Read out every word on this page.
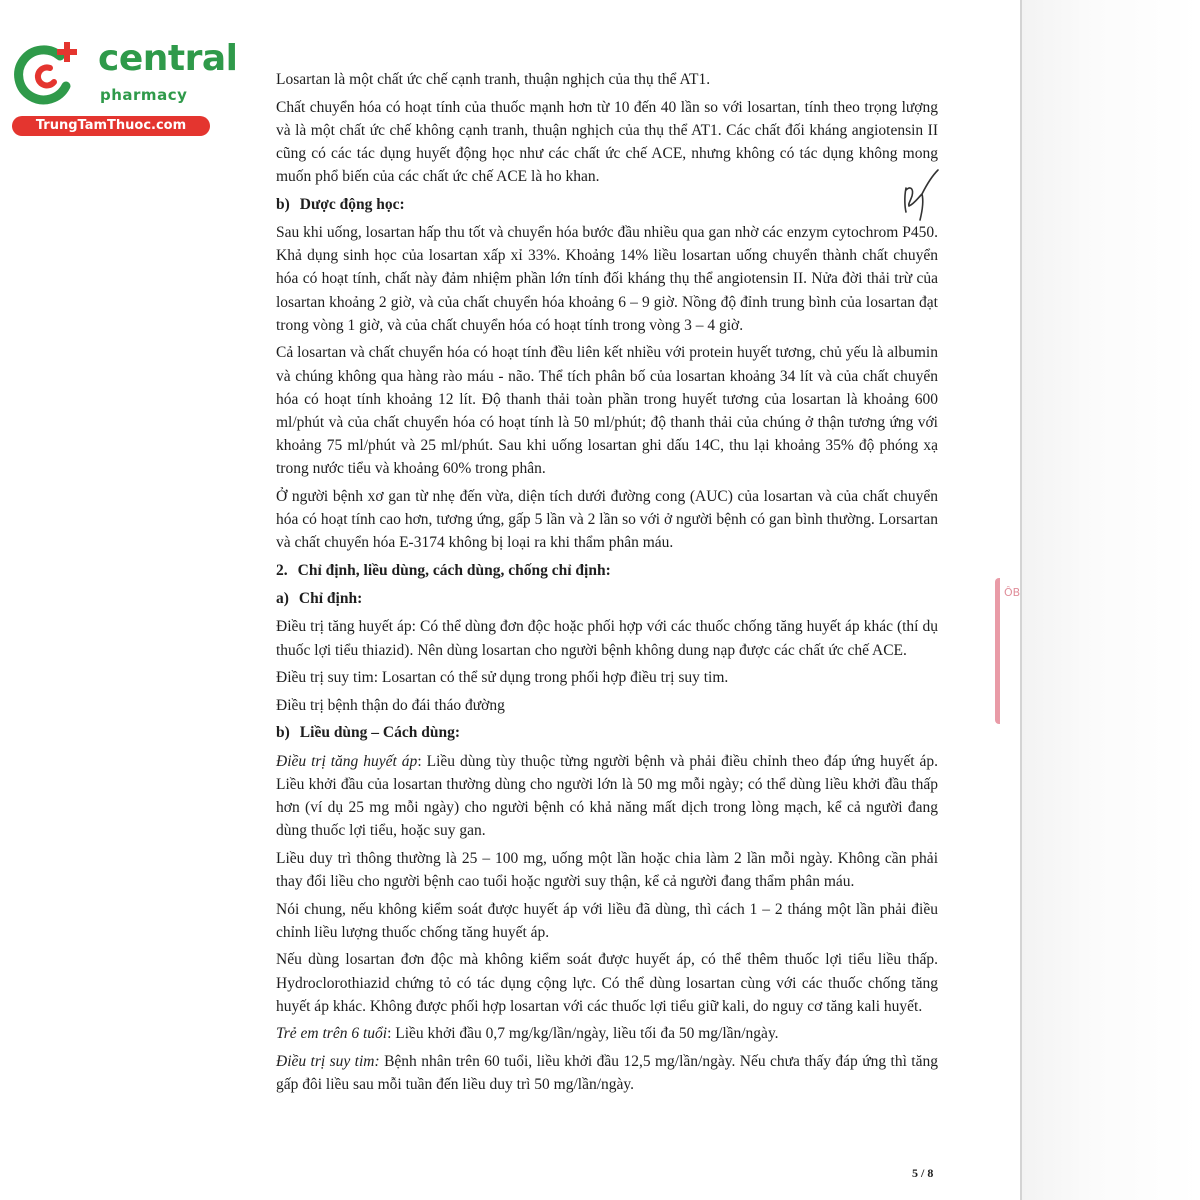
ÔB
central
pharmacy
TrungTamThuoc.com

Losartan là một chất ức chế cạnh tranh, thuận nghịch của thụ thể AT1.

Chất chuyển hóa có hoạt tính của thuốc mạnh hơn từ 10 đến 40 lần so với losartan, tính theo trọng lượng và là một chất ức chế không cạnh tranh, thuận nghịch của thụ thể AT1. Các chất đối kháng angiotensin II cũng có các tác dụng huyết động học như các chất ức chế ACE, nhưng không có tác dụng không mong muốn phổ biến của các chất ức chế ACE là ho khan.

b) Dược động học:

Sau khi uống, losartan hấp thu tốt và chuyển hóa bước đầu nhiều qua gan nhờ các enzym cytochrom P450. Khả dụng sinh học của losartan xấp xỉ 33%. Khoảng 14% liều losartan uống chuyển thành chất chuyển hóa có hoạt tính, chất này đảm nhiệm phần lớn tính đối kháng thụ thể angiotensin II. Nửa đời thải trừ của losartan khoảng 2 giờ, và của chất chuyển hóa khoảng 6 – 9 giờ. Nồng độ đỉnh trung bình của losartan đạt trong vòng 1 giờ, và của chất chuyển hóa có hoạt tính trong vòng 3 – 4 giờ.

Cả losartan và chất chuyển hóa có hoạt tính đều liên kết nhiều với protein huyết tương, chủ yếu là albumin và chúng không qua hàng rào máu - não. Thể tích phân bố của losartan khoảng 34 lít và của chất chuyển hóa có hoạt tính khoảng 12 lít. Độ thanh thải toàn phần trong huyết tương của losartan là khoảng 600 ml/phút và của chất chuyển hóa có hoạt tính là 50 ml/phút; độ thanh thải của chúng ở thận tương ứng với khoảng 75 ml/phút và 25 ml/phút. Sau khi uống losartan ghi dấu 14C, thu lại khoảng 35% độ phóng xạ trong nước tiểu và khoảng 60% trong phân.

Ở người bệnh xơ gan từ nhẹ đến vừa, diện tích dưới đường cong (AUC) của losartan và của chất chuyển hóa có hoạt tính cao hơn, tương ứng, gấp 5 lần và 2 lần so với ở người bệnh có gan bình thường. Lorsartan và chất chuyển hóa E-3174 không bị loại ra khi thẩm phân máu.

2. Chỉ định, liều dùng, cách dùng, chống chỉ định:
a) Chỉ định:

Điều trị tăng huyết áp: Có thể dùng đơn độc hoặc phối hợp với các thuốc chống tăng huyết áp khác (thí dụ thuốc lợi tiểu thiazid). Nên dùng losartan cho người bệnh không dung nạp được các chất ức chế ACE.

Điều trị suy tim: Losartan có thể sử dụng trong phối hợp điều trị suy tim.

Điều trị bệnh thận do đái tháo đường

b) Liều dùng – Cách dùng:

Điều trị tăng huyết áp: Liều dùng tùy thuộc từng người bệnh và phải điều chỉnh theo đáp ứng huyết áp. Liều khởi đầu của losartan thường dùng cho người lớn là 50 mg mỗi ngày; có thể dùng liều khởi đầu thấp hơn (ví dụ 25 mg mỗi ngày) cho người bệnh có khả năng mất dịch trong lòng mạch, kể cả người đang dùng thuốc lợi tiểu, hoặc suy gan.

Liều duy trì thông thường là 25 – 100 mg, uống một lần hoặc chia làm 2 lần mỗi ngày. Không cần phải thay đổi liều cho người bệnh cao tuổi hoặc người suy thận, kể cả người đang thẩm phân máu.

Nói chung, nếu không kiểm soát được huyết áp với liều đã dùng, thì cách 1 – 2 tháng một lần phải điều chỉnh liều lượng thuốc chống tăng huyết áp.

Nếu dùng losartan đơn độc mà không kiểm soát được huyết áp, có thể thêm thuốc lợi tiểu liều thấp. Hydroclorothiazid chứng tỏ có tác dụng cộng lực. Có thể dùng losartan cùng với các thuốc chống tăng huyết áp khác. Không được phối hợp losartan với các thuốc lợi tiểu giữ kali, do nguy cơ tăng kali huyết.

Trẻ em trên 6 tuổi: Liều khởi đầu 0,7 mg/kg/lần/ngày, liều tối đa 50 mg/lần/ngày.

Điều trị suy tim: Bệnh nhân trên 60 tuổi, liều khởi đầu 12,5 mg/lần/ngày. Nếu chưa thấy đáp ứng thì tăng gấp đôi liều sau mỗi tuần đến liều duy trì 50 mg/lần/ngày.

5 / 8
